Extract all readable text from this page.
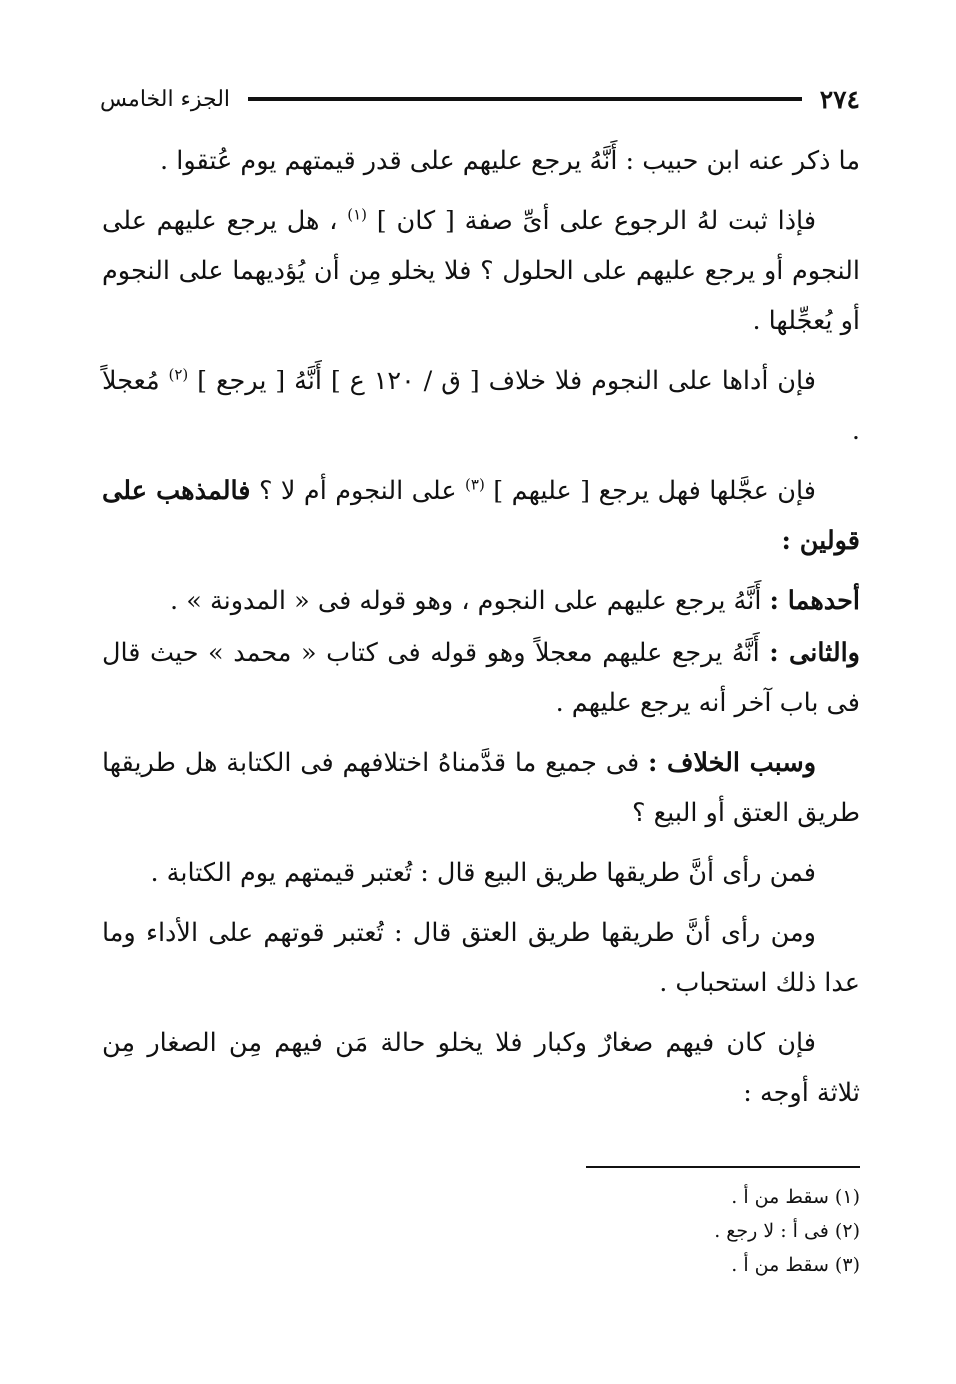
٢٧٤
الجزء الخامس

ما ذكر عنه ابن حبيب : أَنَّهُ يرجع عليهم على قدر قيمتهم يوم عُتقوا .

فإذا ثبت لهُ الرجوع على أىِّ صفة [ كان ] $^{(١)}$ ، هل يرجع عليهم على النجوم أو يرجع عليهم على الحلول ؟ فلا يخلو مِن أن يُؤديهما على النجوم أو يُعجِّلها .

فإن أداها على النجوم فلا خلاف [ ق / ١٢٠ ع ] أَنَّهُ [ يرجع ] $^{(٢)}$ مُعجلاً .

فإن عجَّلها فهل يرجع [ عليهم ] $^{(٣)}$ على النجوم أم لا ؟ فالمذهب على قولين :

أحدهما : أَنَّهُ يرجع عليهم على النجوم ، وهو قوله فى « المدونة » .

والثانى : أَنَّهُ يرجع عليهم معجلاً وهو قوله فى كتاب « محمد » حيث قال فى باب آخر أنه يرجع عليهم .

وسبب الخلاف : فى جميع ما قدَّمناهُ اختلافهم فى الكتابة هل طريقها طريق العتق أو البيع ؟

فمن رأى أنَّ طريقها طريق البيع قال : تُعتبر قيمتهم يوم الكتابة .

ومن رأى أنَّ طريقها طريق العتق قال : تُعتبر قوتهم على الأداء وما عدا ذلك استحباب .

فإن كان فيهم صغارٌ وكبار فلا يخلو حالة مَن فيهم مِن الصغار مِن ثلاثة أوجه :

(١) سقط من أ .
(٢) فى أ : لا رجع .
(٣) سقط من أ .
